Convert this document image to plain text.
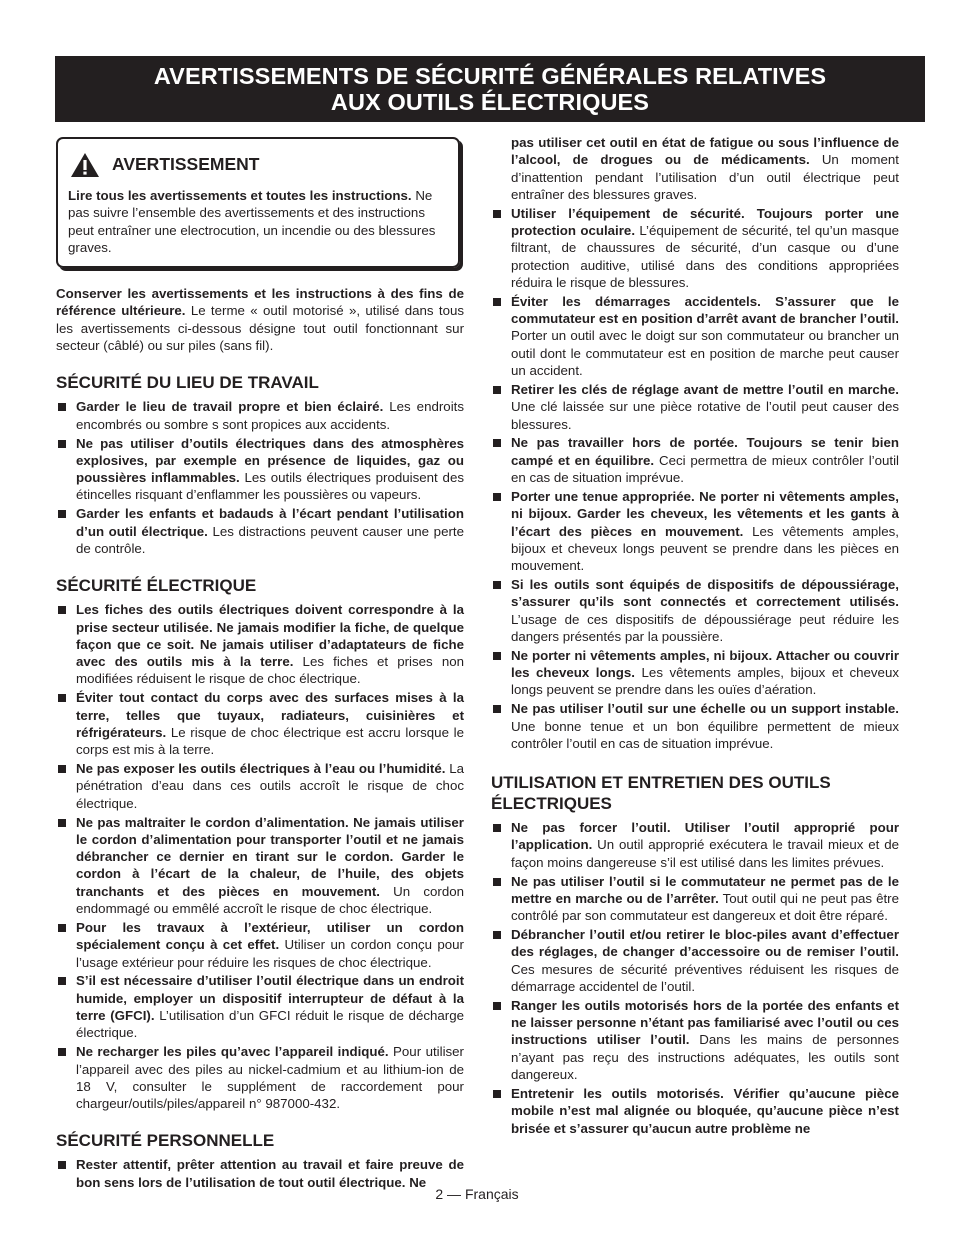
AVERTISSEMENTS DE SÉCURITÉ GÉNÉRALES RELATIVES
AUX OUTILS ÉLECTRIQUES
AVERTISSEMENT

Lire tous les avertissements et toutes les instructions. Ne pas suivre l’ensemble des avertissements et des instructions peut entraîner une electrocution, un incendie ou des blessures graves.

Conserver les avertissements et les instructions à des fins de référence ultérieure. Le terme « outil motorisé », utilisé dans tous les avertissements ci-dessous désigne tout outil fonctionnant sur secteur (câblé) ou sur piles (sans fil).

SÉCURITÉ DU LIEU DE TRAVAIL
Garder le lieu de travail propre et bien éclairé. Les endroits encombrés ou sombre s sont propices aux accidents.
Ne pas utiliser d’outils électriques dans des atmosphères explosives, par exemple en présence de liquides, gaz ou poussières inflammables. Les outils électriques produisent des étincelles risquant d’enflammer les poussières ou vapeurs.
Garder les enfants et badauds à l’écart pendant l’utilisation d’un outil électrique. Les distractions peuvent causer une perte de contrôle.
SÉCURITÉ ÉLECTRIQUE
Les fiches des outils électriques doivent correspondre à la prise secteur utilisée. Ne jamais modifier la fiche, de quelque façon que ce soit. Ne jamais utiliser d’adaptateurs de fiche avec des outils mis à la terre. Les fiches et prises non modifiées réduisent le risque de choc électrique.
Éviter tout contact du corps avec des surfaces mises à la terre, telles que tuyaux, radiateurs, cuisinières et réfrigérateurs. Le risque de choc électrique est accru lorsque le corps est mis à la terre.
Ne pas exposer les outils électriques à l’eau ou l’humidité. La pénétration d’eau dans ces outils accroît le risque de choc électrique.
Ne pas maltraiter le cordon d’alimentation. Ne jamais utiliser le cordon d’alimentation pour transporter l’outil et ne jamais débrancher ce dernier en tirant sur le cordon. Garder le cordon à l’écart de la chaleur, de l’huile, des objets tranchants et des pièces en mouvement. Un cordon endommagé ou emmêlé accroît le risque de choc électrique.
Pour les travaux à l’extérieur, utiliser un cordon spécialement conçu à cet effet. Utiliser un cordon conçu pour l’usage extérieur pour réduire les risques de choc électrique.
S’il est nécessaire d’utiliser l’outil électrique dans un endroit humide, employer un dispositif interrupteur de défaut à la terre (GFCI). L’utilisation d’un GFCI réduit le risque de décharge électrique.
Ne recharger les piles qu’avec l’appareil indiqué. Pour utiliser l’appareil avec des piles au nickel-cadmium et au lithium-ion de 18 V, consulter le supplément de raccordement pour chargeur/outils/piles/appareil n° 987000-432.
SÉCURITÉ PERSONNELLE
Rester attentif, prêter attention au travail et faire preuve de bon sens lors de l’utilisation de tout outil électrique. Ne
pas utiliser cet outil en état de fatigue ou sous l’influence de l’alcool, de drogues ou de médicaments. Un moment d’inattention pendant l’utilisation d’un outil électrique peut entraîner des blessures graves.
Utiliser l’équipement de sécurité. Toujours porter une protection oculaire. L’équipement de sécurité, tel qu’un masque filtrant, de chaussures de sécurité, d’un casque ou d’une protection auditive, utilisé dans des conditions appropriées réduira le risque de blessures.
Éviter les démarrages accidentels. S’assurer que le commutateur est en position d’arrêt avant de brancher l’outil. Porter un outil avec le doigt sur son commutateur ou brancher un outil dont le commutateur est en position de marche peut causer un accident.
Retirer les clés de réglage avant de mettre l’outil en marche. Une clé laissée sur une pièce rotative de l’outil peut causer des blessures.
Ne pas travailler hors de portée. Toujours se tenir bien campé et en équilibre. Ceci permettra de mieux contrôler l’outil en cas de situation imprévue.
Porter une tenue appropriée. Ne porter ni vêtements amples, ni bijoux. Garder les cheveux, les vêtements et les gants à l’écart des pièces en mouvement. Les vêtements amples, bijoux et cheveux longs peuvent se prendre dans les pièces en mouvement.
Si les outils sont équipés de dispositifs de dépoussiérage, s’assurer qu’ils sont connectés et correctement utilisés. L’usage de ces dispositifs de dépoussiérage peut réduire les dangers présentés par la poussière.
Ne porter ni vêtements amples, ni bijoux. Attacher ou couvrir les cheveux longs. Les vêtements amples, bijoux et cheveux longs peuvent se prendre dans les ouïes d’aération.
Ne pas utiliser l’outil sur une échelle ou un support instable. Une bonne tenue et un bon équilibre permettent de mieux contrôler l’outil en cas de situation imprévue.
UTILISATION ET ENTRETIEN DES OUTILS ÉLECTRIQUES
Ne pas forcer l’outil. Utiliser l’outil approprié pour l’application. Un outil approprié exécutera le travail mieux et de façon moins dangereuse s’il est utilisé dans les limites prévues.
Ne pas utiliser l’outil si le commutateur ne permet pas de le mettre en marche ou de l’arrêter. Tout outil qui ne peut pas être contrôlé par son commutateur est dangereux et doit être réparé.
Débrancher l’outil et/ou retirer le bloc-piles avant d’effectuer des réglages, de changer d’accessoire ou de remiser l’outil. Ces mesures de sécurité préventives réduisent les risques de démarrage accidentel de l’outil.
Ranger les outils motorisés hors de la portée des enfants et ne laisser personne n’étant pas familiarisé avec l’outil ou ces instructions utiliser l’outil. Dans les mains de personnes n’ayant pas reçu des instructions adéquates, les outils sont dangereux.
Entretenir les outils motorisés. Vérifier qu’aucune pièce mobile n’est mal alignée ou bloquée, qu’aucune pièce n’est brisée et s’assurer qu’aucun autre problème ne
2 — Français
